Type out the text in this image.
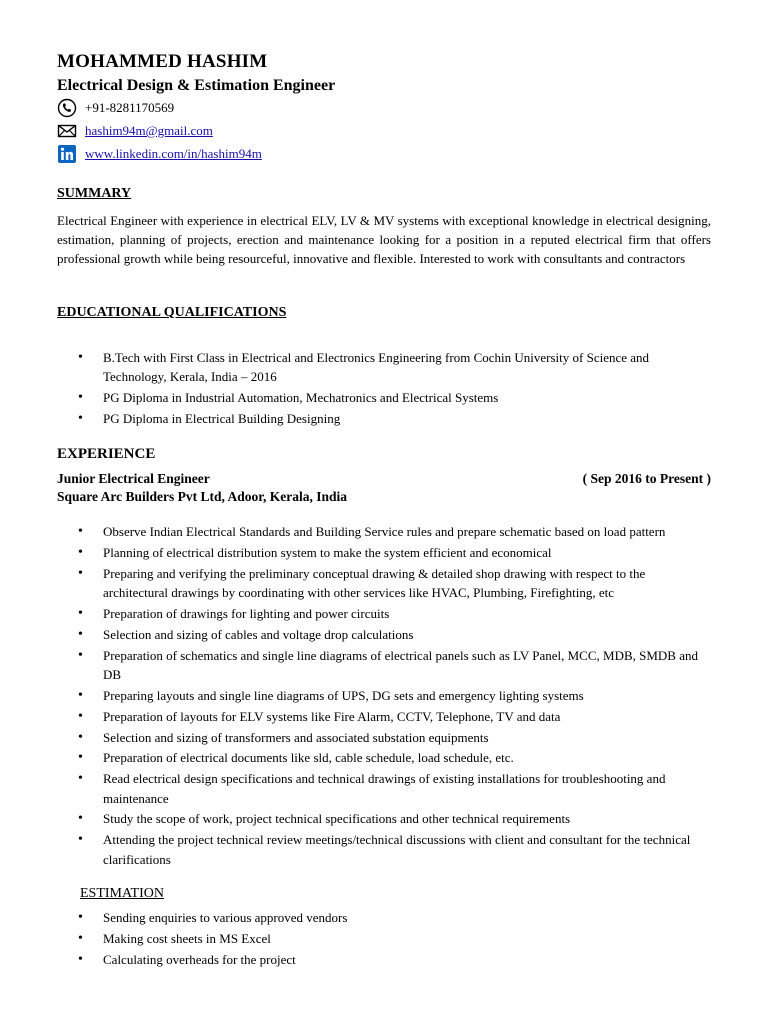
MOHAMMED HASHIM
Electrical Design & Estimation Engineer
+91-8281170569
hashim94m@gmail.com
www.linkedin.com/in/hashim94m
SUMMARY

Electrical Engineer with experience in electrical ELV, LV & MV systems with exceptional knowledge in electrical designing, estimation, planning of projects, erection and maintenance looking for a position in a reputed electrical firm that offers professional growth while being resourceful, innovative and flexible. Interested to work with consultants and contractors

EDUCATIONAL QUALIFICATIONS
• B.Tech with First Class in Electrical and Electronics Engineering from Cochin University of Science and Technology, Kerala, India – 2016
• PG Diploma in Industrial Automation, Mechatronics and Electrical Systems
• PG Diploma in Electrical Building Designing
EXPERIENCE
Junior Electrical Engineer	( Sep 2016 to Present )
Square Arc Builders Pvt Ltd, Adoor, Kerala, India
• Observe Indian Electrical Standards and Building Service rules and prepare schematic based on load pattern
• Planning of electrical distribution system to make the system efficient and economical
• Preparing and verifying the preliminary conceptual drawing & detailed shop drawing with respect to the architectural drawings by coordinating with other services like HVAC, Plumbing, Firefighting, etc
• Preparation of drawings for lighting and power circuits
• Selection and sizing of cables and voltage drop calculations
• Preparation of schematics and single line diagrams of electrical panels such as LV Panel, MCC, MDB, SMDB and DB
• Preparing layouts and single line diagrams of UPS, DG sets and emergency lighting systems
• Preparation of layouts for ELV systems like Fire Alarm, CCTV, Telephone, TV and data
• Selection and sizing of transformers and associated substation equipments
• Preparation of electrical documents like sld, cable schedule, load schedule, etc.
• Read electrical design specifications and technical drawings of existing installations for troubleshooting and maintenance
• Study the scope of work, project technical specifications and other technical requirements
• Attending the project technical review meetings/technical discussions with client and consultant for the technical clarifications
ESTIMATION
• Sending enquiries to various approved vendors
• Making cost sheets in MS Excel
• Calculating overheads for the project
